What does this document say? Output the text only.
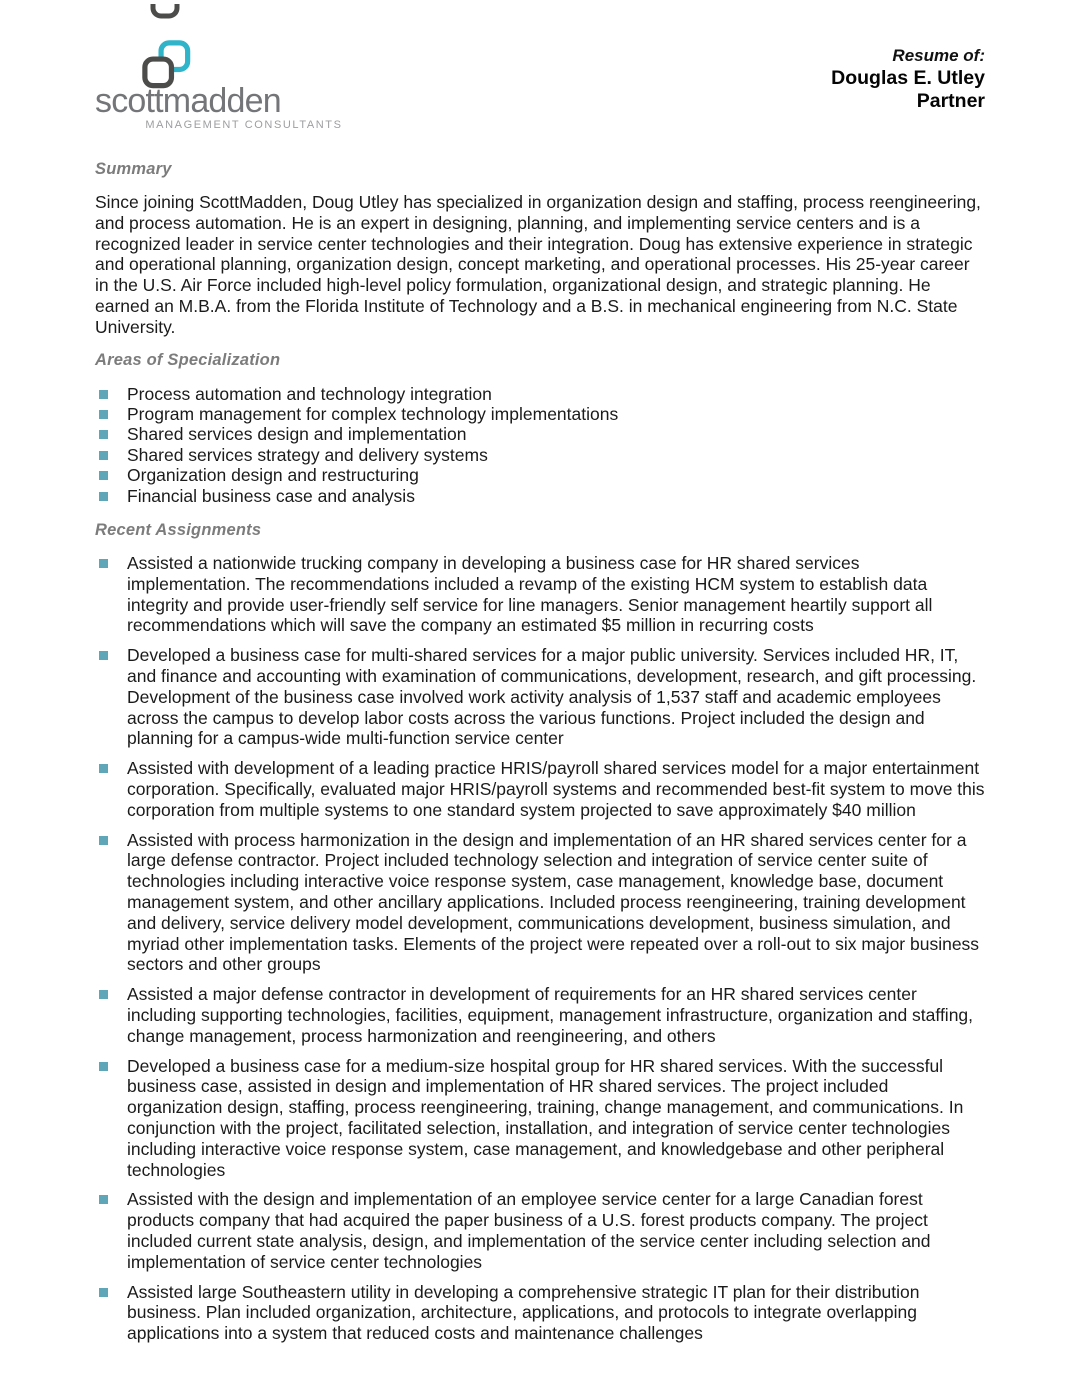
scottmadden
MANAGEMENT CONSULTANTS
Resume of:
Douglas E. Utley
Partner
Summary

Since joining ScottMadden, Doug Utley has specialized in organization design and staffing, process reengineering, and process automation. He is an expert in designing, planning, and implementing service centers and is a recognized leader in service center technologies and their integration. Doug has extensive experience in strategic and operational planning, organization design, concept marketing, and operational processes. His 25-year career in the U.S. Air Force included high-level policy formulation, organizational design, and strategic planning. He earned an M.B.A. from the Florida Institute of Technology and a B.S. in mechanical engineering from N.C. State University.

Areas of Specialization
Process automation and technology integration
Program management for complex technology implementations
Shared services design and implementation
Shared services strategy and delivery systems
Organization design and restructuring
Financial business case and analysis
Recent Assignments
Assisted a nationwide trucking company in developing a business case for HR shared services implementation. The recommendations included a revamp of the existing HCM system to establish data integrity and provide user-friendly self service for line managers. Senior management heartily support all recommendations which will save the company an estimated $5 million in recurring costs
Developed a business case for multi-shared services for a major public university. Services included HR, IT, and finance and accounting with examination of communications, development, research, and gift processing. Development of the business case involved work activity analysis of 1,537 staff and academic employees across the campus to develop labor costs across the various functions. Project included the design and planning for a campus-wide multi-function service center
Assisted with development of a leading practice HRIS/payroll shared services model for a major entertainment corporation. Specifically, evaluated major HRIS/payroll systems and recommended best-fit system to move this corporation from multiple systems to one standard system projected to save approximately $40 million
Assisted with process harmonization in the design and implementation of an HR shared services center for a large defense contractor. Project included technology selection and integration of service center suite of technologies including interactive voice response system, case management, knowledge base, document management system, and other ancillary applications. Included process reengineering, training development and delivery, service delivery model development, communications development, business simulation, and myriad other implementation tasks. Elements of the project were repeated over a roll-out to six major business sectors and other groups
Assisted a major defense contractor in development of requirements for an HR shared services center including supporting technologies, facilities, equipment, management infrastructure, organization and staffing, change management, process harmonization and reengineering, and others
Developed a business case for a medium-size hospital group for HR shared services. With the successful business case, assisted in design and implementation of HR shared services. The project included organization design, staffing, process reengineering, training, change management, and communications. In conjunction with the project, facilitated selection, installation, and integration of service center technologies including interactive voice response system, case management, and knowledgebase and other peripheral technologies
Assisted with the design and implementation of an employee service center for a large Canadian forest products company that had acquired the paper business of a U.S. forest products company. The project included current state analysis, design, and implementation of the service center including selection and implementation of service center technologies
Assisted large Southeastern utility in developing a comprehensive strategic IT plan for their distribution business. Plan included organization, architecture, applications, and protocols to integrate overlapping applications into a system that reduced costs and maintenance challenges
